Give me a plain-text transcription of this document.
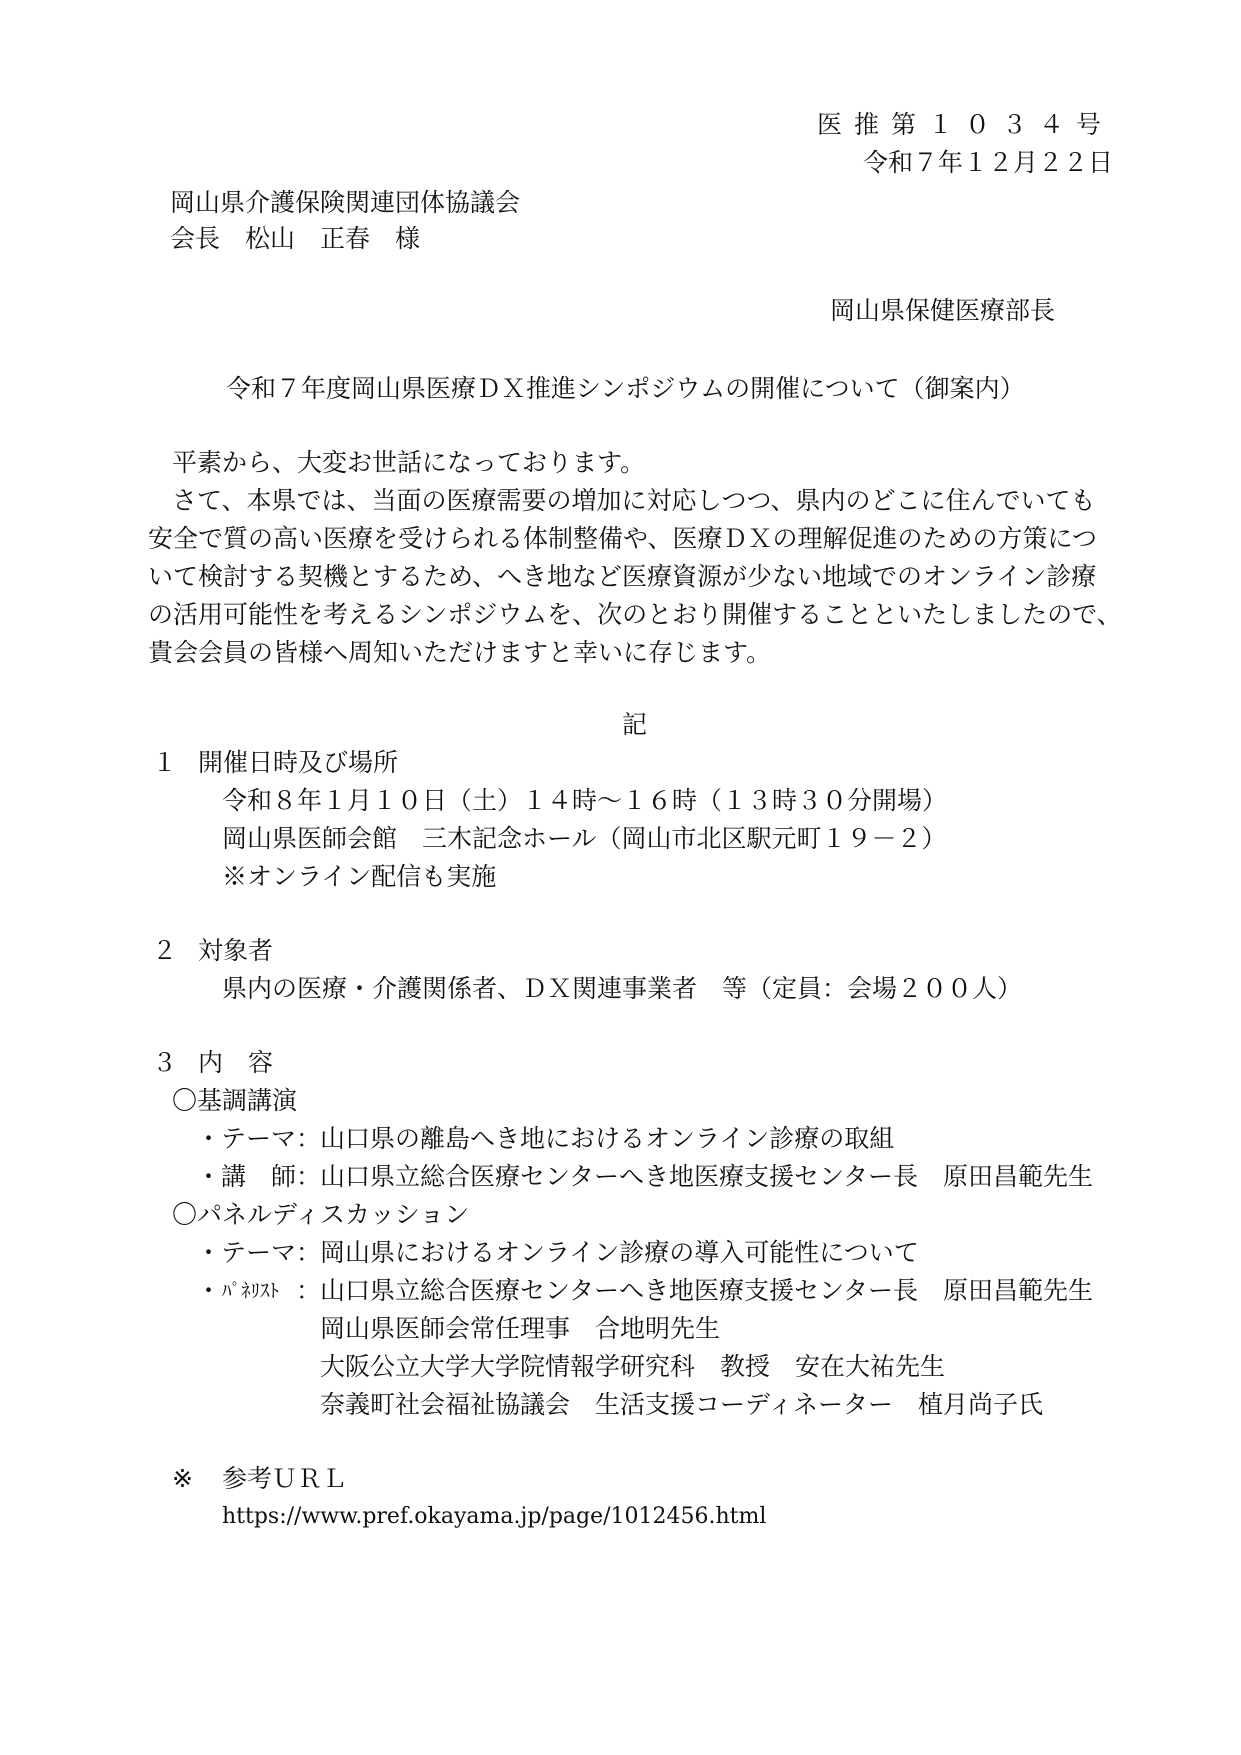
医推第１０３４号
令和７年１２月２２日
岡山県介護保険関連団体協議会
会長　松山　正春　様
岡山県保健医療部長
令和７年度岡山県医療ＤＸ推進シンポジウムの開催について（御案内）
平素から、大変お世話になっております。
さて、本県では、当面の医療需要の増加に対応しつつ、県内のどこに住んでいても
安全で質の高い医療を受けられる体制整備や、医療ＤＸの理解促進のための方策につ
いて検討する契機とするため、へき地など医療資源が少ない地域でのオンライン診療
の活用可能性を考えるシンポジウムを、次のとおり開催することといたしましたので、
貴会会員の皆様へ周知いただけますと幸いに存じます。
記
１ 開催日時及び場所
令和８年１月１０日（土）１４時～１６時（１３時３０分開場）
岡山県医師会館　三木記念ホール（岡山市北区駅元町１９－２）
※オンライン配信も実施
２ 対象者
県内の医療・介護関係者、ＤＸ関連事業者　等（定員：会場２００人）
３ 内　容
〇基調講演
・テーマ：
山口県の離島へき地におけるオンライン診療の取組
・講　師：
山口県立総合医療センターへき地医療支援センター長　原田昌範先生
〇パネルディスカッション
・テーマ：
岡山県におけるオンライン診療の導入可能性について
・ ﾊﾟﾈﾘｽﾄ ：
山口県立総合医療センターへき地医療支援センター長　原田昌範先生
岡山県医師会常任理事　合地明先生
大阪公立大学大学院情報学研究科　教授　安在大祐先生
奈義町社会福祉協議会　生活支援コーディネーター　植月尚子氏
※ 参考ＵＲＬ
https://www.pref.okayama.jp/page/1012456.html
